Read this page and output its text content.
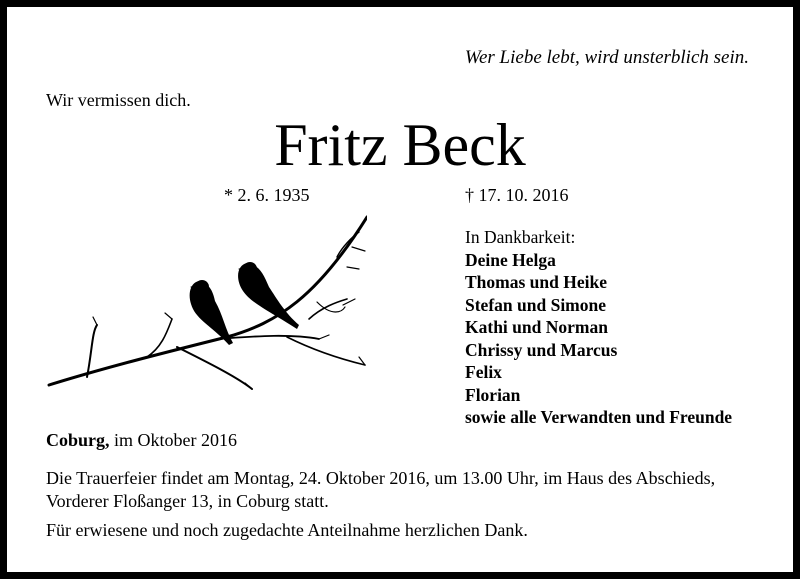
Wer Liebe lebt, wird unsterblich sein.
Wir vermissen dich.
Fritz Beck
* 2. 6. 1935	† 17. 10. 2016
In Dankbarkeit:
Deine Helga
Thomas und Heike
Stefan und Simone
Kathi und Norman
Chrissy und Marcus
Felix
Florian
sowie alle Verwandten und Freunde
Coburg, im Oktober 2016
Die Trauerfeier findet am Montag, 24. Oktober 2016, um 13.00 Uhr, im Haus des Abschieds,
Vorderer Floßanger 13, in Coburg statt.
Für erwiesene und noch zugedachte Anteilnahme herzlichen Dank.
